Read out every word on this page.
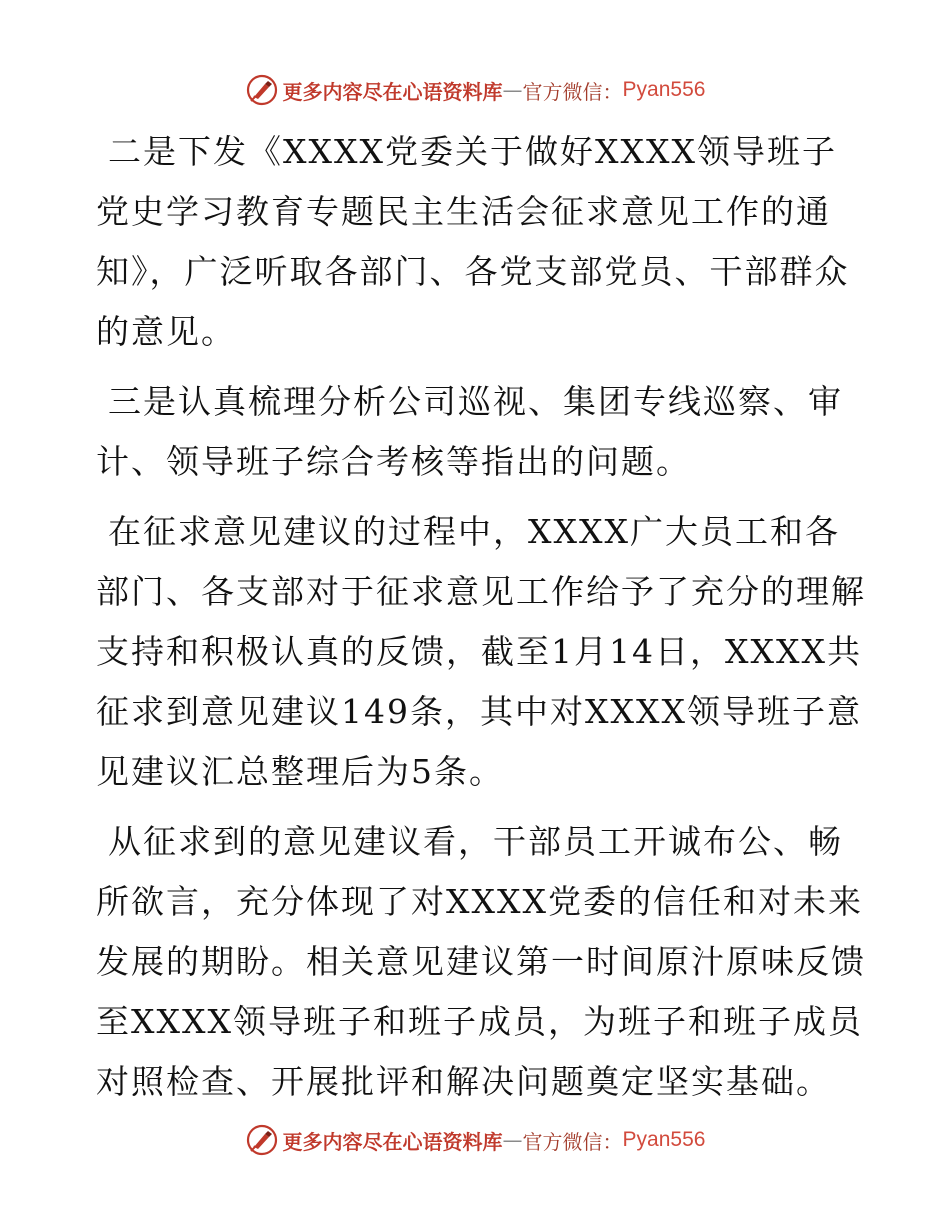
更多内容尽在心语资料库 — 官方微信： Pyan556

二是下发《XXXX党委关于做好XXXX领导班子党史学习教育专题民主生活会征求意见工作的通知》，广泛听取各部门、各党支部党员、干部群众的意见。

三是认真梳理分析公司巡视、集团专线巡察、审计、领导班子综合考核等指出的问题。

在征求意见建议的过程中，XXXX广大员工和各部门、各支部对于征求意见工作给予了充分的理解支持和积极认真的反馈，截至1月14日，XXXX共征求到意见建议149条，其中对XXXX领导班子意见建议汇总整理后为5条。

从征求到的意见建议看，干部员工开诚布公、畅所欲言，充分体现了对XXXX党委的信任和对未来发展的期盼。相关意见建议第一时间原汁原味反馈至XXXX领导班子和班子成员，为班子和班子成员对照检查、开展批评和解决问题奠定坚实基础。

更多内容尽在心语资料库 — 官方微信： Pyan556
